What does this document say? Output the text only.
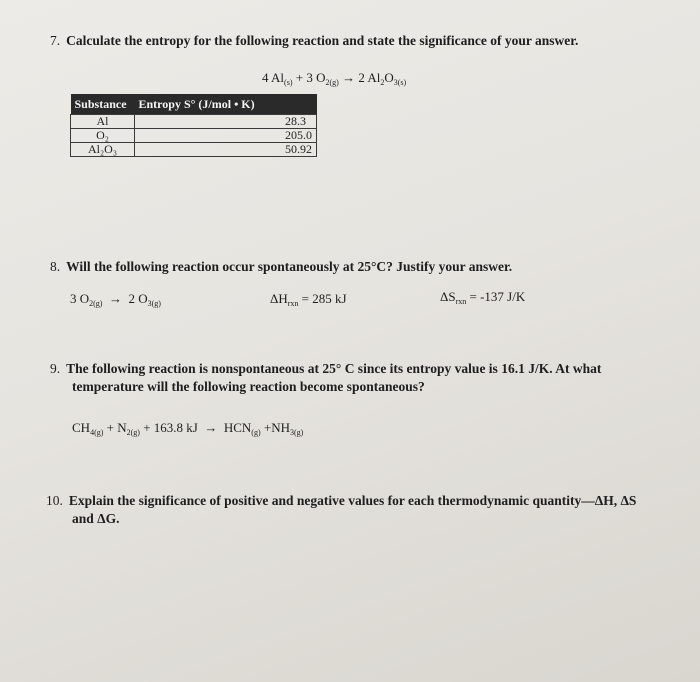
7. Calculate the entropy for the following reaction and state the significance of your answer.
4 $Al_{(s)} + 3$ $O_{2(g)} \to 2$ $Al_2O_{3(s)}$
Substance	Entropy S° (J/mol • K)
Al	28.3
O₂	205.0
Al₂O₃	50.92
8. Will the following reaction occur spontaneously at 25°C? Justify your answer.
3 $O_{2(g)} \to 2$ $O_{3(g)}$	$\Delta H_{rxn} = 285$ kJ	$\Delta S_{rxn} = -137$ J/K
9. The following reaction is nonspontaneous at 25° C since its entropy value is 16.1 J/K. At what
temperature will the following reaction become spontaneous?
$CH_{4(g)} + N_{2(g)} + 163.8$ kJ → $HCN_{(g)} +NH_{3(g)}$
10. Explain the significance of positive and negative values for each thermodynamic quantity—ΔH, ΔS
and ΔG.
